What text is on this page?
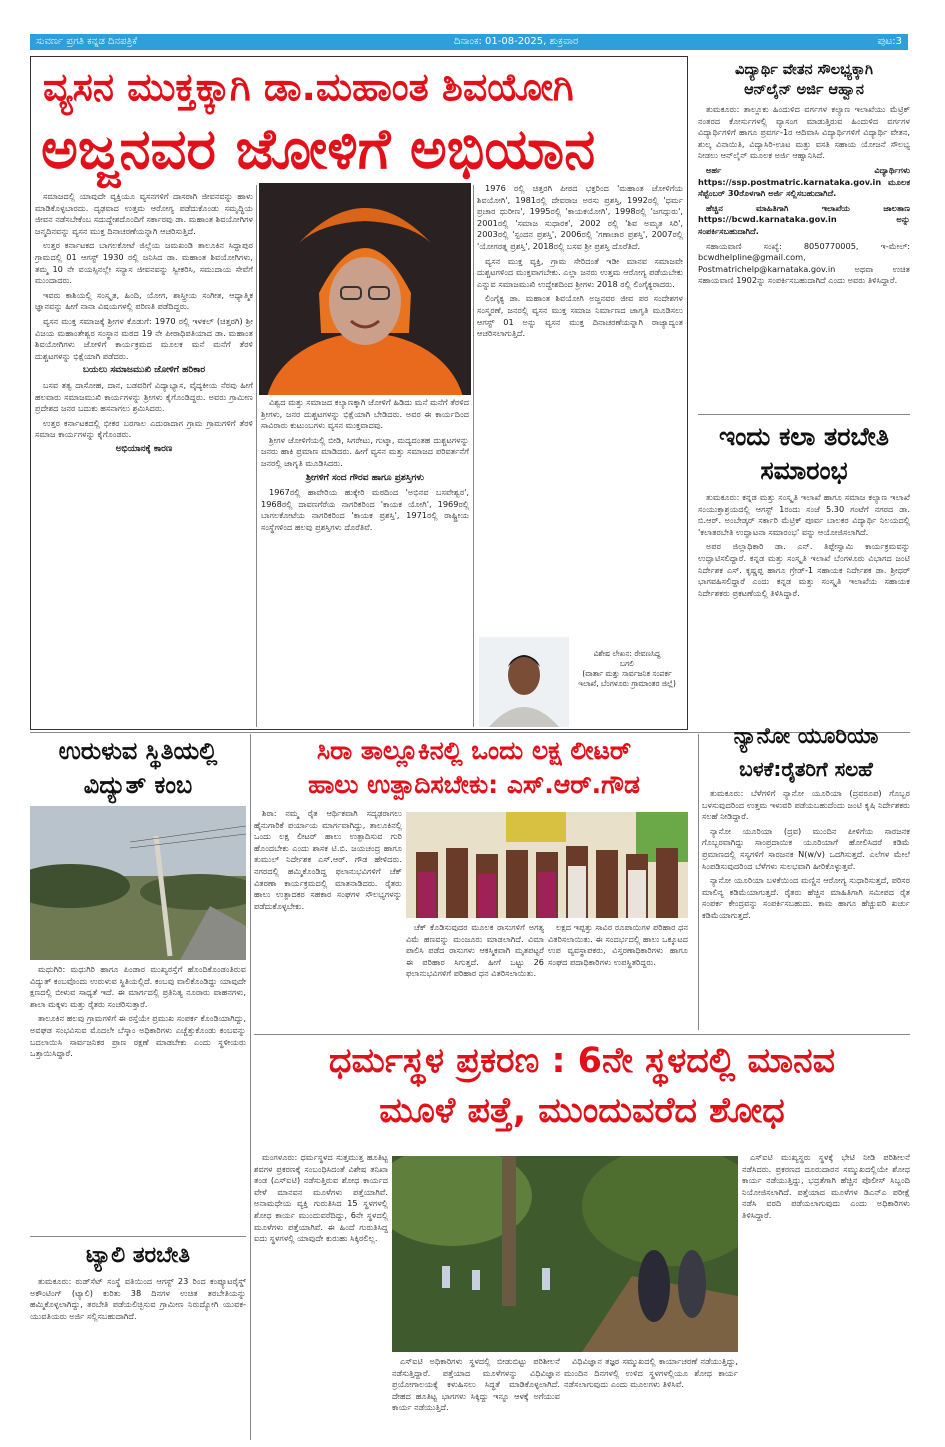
ಸುವರ್ಣ ಪ್ರಗತಿ ಕನ್ನಡ ದಿನಪತ್ರಿಕೆ	ದಿನಾಂಕ: 01-08-2025, ಶುಕ್ರವಾರ	ಪುಟ:3
ವ್ಯಸನ ಮುಕ್ತಕ್ಕಾಗಿ ಡಾ.ಮಹಾಂತ ಶಿವಯೋಗಿ
ಅಜ್ಜನವರ ಜೋಳಿಗೆ ಅಭಿಯಾನ

ಸಮಾಜದಲ್ಲಿ ಯಾವುದೇ ವ್ಯಕ್ತಿಯೂ ವ್ಯಸನಗಳಿಗೆ ದಾಸರಾಗಿ ಜೀವನವನ್ನು ಹಾಳು ಮಾಡಿಕೊಳ್ಳಬಾರದು. ದೃಢವಾದ ಉತ್ತಮ ಆರೋಗ್ಯ ಪಡೆದುಕೊಂಡು ಸಮೃದ್ಧಿಯ ಜೀವನ ನಡೆಸಬೇಕೆಂಬ ಸದುದ್ದೇಶದೊಂದಿಗೆ ಸರ್ಕಾರವು ಡಾ. ಮಹಾಂತ ಶಿವಯೋಗಿಗಳ ಜನ್ಮದಿನವನ್ನು ವ್ಯಸನ ಮುಕ್ತ ದಿನಾಚರಣೆಯನ್ನಾಗಿ ಆಚರಿಸುತ್ತಿದೆ.

ಉತ್ತರ ಕರ್ನಾಟಕದ ಬಾಗಲಕೋಟೆ ಜಿಲ್ಲೆಯ ಜಮಖಂಡಿ ತಾಲೂಕಿನ ಸಿದ್ದಾಪುರ ಗ್ರಾಮದಲ್ಲಿ 01 ಆಗಸ್ಟ್ 1930 ರಲ್ಲಿ ಜನಿಸಿದ ಡಾ. ಮಹಾಂತ ಶಿವಯೋಗಿಗಳು, ತಮ್ಮ 10 ನೇ ವಯಸ್ಸಿನಲ್ಲೇ ಸನ್ಯಾಸ ಜೀವನವನ್ನು ಸ್ವೀಕರಿಸಿ, ಸಮುದಾಯ ಸೇವೆಗೆ ಮುಂದಾದರು.

ಇವರು ಕಾಶಿಯಲ್ಲಿ ಸಂಸ್ಕೃತ, ಹಿಂದಿ, ಯೋಗ, ಶಾಸ್ತ್ರೀಯ ಸಂಗೀತ, ಆಧ್ಯಾತ್ಮಿಕ ಜ್ಞಾನವನ್ನು ಹೀಗೆ ನಾನಾ ವಿಷಯಗಳಲ್ಲಿ ಪರಿಣತಿ ಪಡೆದಿದ್ದರು.

ವ್ಯಸನ ಮುಕ್ತ ಸಮಾಜಕ್ಕೆ ಶ್ರೀಗಳ ಕೊಡುಗೆ: 1970 ರಲ್ಲಿ ಇಳಕಲ್ (ಚಿತ್ತರಗಿ) ಶ್ರೀ ವಿಜಯ ಮಹಾಂತೇಶ್ವರ ಸಂಸ್ಥಾನ ಮಠದ 19 ನೇ ಪೀಠಾಧಿಪತಿಯಾದ ಡಾ. ಮಹಾಂತ ಶಿವಯೋಗಿಗಳು ಜೋಳಿಗೆ ಕಾರ್ಯಕ್ರಮದ ಮೂಲಕ ಮನೆ ಮನೆಗೆ ತೆರಳಿ ದುಶ್ಚಟಗಳನ್ನು ಭಿಕ್ಷೆಯಾಗಿ ಪಡೆದರು.

ಬಯಲು ಸಮಾಜಮುಖಿ ಜೋಳಿಗೆ ಹರಿಕಾರ

ಬಸವ ತತ್ವ ದಾಸೋಹ, ದಾನ, ಬಡವರಿಗೆ ವಿದ್ಯಾಭ್ಯಾಸ, ವೈದ್ಯಕೀಯ ನೆರವು ಹೀಗೆ ಹಲವಾರು ಸಮಾಜಮುಖಿ ಕಾರ್ಯಗಳನ್ನು ಶ್ರೀಗಳು ಕೈಗೊಂಡಿದ್ದರು. ಅವರು ಗ್ರಾಮೀಣ ಪ್ರದೇಶದ ಜನರ ಬದುಕು ಹಸನಾಗಲು ಶ್ರಮಿಸಿದರು.

ಉತ್ತರ ಕರ್ನಾಟಕದಲ್ಲಿ ಭೀಕರ ಬರಗಾಲ ಎದುರಾದಾಗ ಗ್ರಾಮ ಗ್ರಾಮಗಳಿಗೆ ತೆರಳಿ ಸಮಾಜ ಕಾರ್ಯಗಳನ್ನು ಕೈಗೊಂಡರು.

ಅಭಿಯಾನಕ್ಕೆ ಕಾರಣ

ವಿಶ್ವದ ಮತ್ತು ಸಮಾಜದ ಕಲ್ಯಾಣಕ್ಕಾಗಿ ಜೋಳಿಗೆ ಹಿಡಿದು ಮನೆ ಮನೆಗೆ ತೆರಳಿದ ಶ್ರೀಗಳು, ಜನರ ದುಶ್ಚಟಗಳನ್ನು ಭಿಕ್ಷೆಯಾಗಿ ಬೇಡಿದರು. ಅವರ ಈ ಕಾರ್ಯದಿಂದ ಸಾವಿರಾರು ಕುಟುಂಬಗಳು ವ್ಯಸನ ಮುಕ್ತವಾದವು.

ಶ್ರೀಗಳ ಜೋಳಿಗೆಯಲ್ಲಿ ಬೀಡಿ, ಸಿಗರೇಟು, ಗುಟ್ಕಾ, ಮದ್ಯದಂತಹ ದುಶ್ಚಟಗಳನ್ನು ಜನರು ಹಾಕಿ ಪ್ರಮಾಣ ಮಾಡಿದರು. ಹೀಗೆ ವ್ಯಸನ ಮತ್ತು ಸಮಾಜದ ಪರಿವರ್ತನೆಗೆ ಜನರಲ್ಲಿ ಜಾಗೃತಿ ಮೂಡಿಸಿದರು.

ಶ್ರೀಗಳಿಗೆ ಸಂದ ಗೌರವ ಹಾಗೂ ಪ್ರಶಸ್ತಿಗಳು

1967ರಲ್ಲಿ ಹಾವೇರಿಯ ಹುಕ್ಕೇರಿ ಮಠದಿಂದ 'ಅಭಿನವ ಬಸವೇಶ್ವರ', 1968ರಲ್ಲಿ ದಾವಣಗೆರೆಯ ನಾಗರಿಕರಿಂದ 'ಕಾಯಕ ಯೋಗಿ', 1969ರಲ್ಲಿ ಬಾಗಲಕೋಟೆಯ ನಾಗರಿಕರಿಂದ 'ಕಾಯಕ ಪ್ರಶಸ್ತಿ', 1971ರಲ್ಲಿ ರಾಷ್ಟ್ರೀಯ ಸಂಸ್ಥೆಗಳಿಂದ ಹಲವು ಪ್ರಶಸ್ತಿಗಳು ದೊರೆತಿವೆ.

1976 ರಲ್ಲಿ ಚಿತ್ತರಗಿ ಪೀಠದ ಭಕ್ತರಿಂದ 'ಮಹಾಂತ ಜೋಳಿಗೆಯ ಶಿವಯೋಗಿ', 1981ರಲ್ಲಿ ದೇವರಾಜ ಅರಸು ಪ್ರಶಸ್ತಿ, 1992ರಲ್ಲಿ 'ಧರ್ಮ ಪ್ರಚಾರ ಧುರೀಣ', 1995ರಲ್ಲಿ 'ಕಾಯಕಯೋಗಿ', 1998ರಲ್ಲಿ 'ಜಗದ್ಗುರು', 2001ರಲ್ಲಿ 'ಸಮಾಜ ಸುಧಾರಕ', 2002 ರಲ್ಲಿ 'ಶಿವ ಅಮೃತ ಸಿರಿ', 2003ರಲ್ಲಿ 'ಸ್ಪಂದನ ಪ್ರಶಸ್ತಿ', 2006ರಲ್ಲಿ 'ಗಣಾಚಾರ ಪ್ರಶಸ್ತಿ', 2007ರಲ್ಲಿ 'ಯೋಗರತ್ನ ಪ್ರಶಸ್ತಿ', 2018ರಲ್ಲಿ ಬಸವ ಶ್ರೀ ಪ್ರಶಸ್ತಿ ದೊರೆತಿದೆ.

ವ್ಯಸನ ಮುಕ್ತ ವ್ಯಕ್ತಿ, ಗ್ರಾಮ ಸೇರಿದಂತೆ ಇಡೀ ಮಾನವ ಸಮಾಜವೇ ದುಶ್ಚಟಗಳಿಂದ ಮುಕ್ತವಾಗಬೇಕು. ಎಲ್ಲಾ ಜನರು ಉತ್ತಮ ಆರೋಗ್ಯ ಪಡೆಯಬೇಕು ಎನ್ನುವ ಸಮಾಜಮುಖಿ ಉದ್ದೇಶದಿಂದ ಶ್ರೀಗಳು 2018 ರಲ್ಲಿ ಲಿಂಗೈಕ್ಯರಾದರು.

ಲಿಂಗೈಕ್ಯ ಡಾ. ಮಹಾಂತ ಶಿವಯೋಗಿ ಅಜ್ಜನವರ ಜೀವ ಪರ ಸಂದೇಶಗಳ ಸಂಸ್ಮರಣೆ, ಜನರಲ್ಲಿ ವ್ಯಸನ ಮುಕ್ತ ಸಮಾಜ ನಿರ್ಮಾಣದ ಜಾಗೃತಿ ಮೂಡಿಸಲು ಆಗಸ್ಟ್ 01 ಅನ್ನು ವ್ಯಸನ ಮುಕ್ತ ದಿನಾಚರಣೆಯನ್ನಾಗಿ ರಾಜ್ಯಾದ್ಯಂತ ಆಚರಿಸಲಾಗುತ್ತಿದೆ.

ವಿಶೇಷ ಲೇಖನ: ರೇವಣಸಿದ್ದ
ಬಗಲಿ
(ವಾರ್ತಾ ಮತ್ತು ಸಾರ್ವಜನಿಕ ಸಂಪರ್ಕ ಇಲಾಖೆ, ಬೆಂಗಳೂರು ಗ್ರಾಮಾಂತರ ಜಿಲ್ಲೆ)
ವಿದ್ಯಾರ್ಥಿ ವೇತನ ಸೌಲಭ್ಯಕ್ಕಾಗಿ
ಆನ್‌ಲೈನ್ ಅರ್ಜಿ ಆಹ್ವಾನ

ತುಮಕೂರು: ತಾಲ್ಲೂಕು ಹಿಂದುಳಿದ ವರ್ಗಗಳ ಕಲ್ಯಾಣ ಇಲಾಖೆಯು ಮೆಟ್ರಿಕ್ ನಂತರದ ಕೋರ್ಸುಗಳಲ್ಲಿ ವ್ಯಾಸಂಗ ಮಾಡುತ್ತಿರುವ ಹಿಂದುಳಿದ ವರ್ಗಗಳ ವಿದ್ಯಾರ್ಥಿಗಳಿಗೆ ಹಾಗೂ ಪ್ರವರ್ಗ-1ರ ಆದಿವಾಸಿ ವಿದ್ಯಾರ್ಥಿಗಳಿಗೆ ವಿದ್ಯಾರ್ಥಿ ವೇತನ, ಶುಲ್ಕ ವಿನಾಯಿತಿ, ವಿದ್ಯಾಸಿರಿ-ಊಟ ಮತ್ತು ವಸತಿ ಸಹಾಯ ಯೋಜನೆ ಸೌಲಭ್ಯ ನೀಡಲು ಆನ್‌ಲೈನ್ ಮೂಲಕ ಅರ್ಜಿ ಆಹ್ವಾನಿಸಿದೆ.

ಅರ್ಹ ವಿದ್ಯಾರ್ಥಿಗಳು https://ssp.postmatric.karnataka.gov.in ಮೂಲಕ ಸೆಪ್ಟೆಂಬರ್ 30ರೊಳಗಾಗಿ ಅರ್ಜಿ ಸಲ್ಲಿಸಬಹುದಾಗಿದೆ.

ಹೆಚ್ಚಿನ ಮಾಹಿತಿಗಾಗಿ ಇಲಾಖೆಯ ಜಾಲತಾಣ https://bcwd.karnataka.gov.in ಅನ್ನು ಸಂಪರ್ಕಿಸಬಹುದಾಗಿದೆ.

ಸಹಾಯವಾಣಿ ಸಂಖ್ಯೆ: 8050770005, ಇ-ಮೇಲ್: bcwdhelpline@gmail.com, Postmatrichelp@karnataka.gov.in ಅಥವಾ ಉಚಿತ ಸಹಾಯವಾಣಿ 1902ನ್ನು ಸಂಪರ್ಕಿಸಬಹುದಾಗಿದೆ ಎಂದು ಅವರು ತಿಳಿಸಿದ್ದಾರೆ.

ಇಂದು ಕಲಾ ತರಬೇತಿ
ಸಮಾರಂಭ

ತುಮಕೂರು: ಕನ್ನಡ ಮತ್ತು ಸಂಸ್ಕೃತಿ ಇಲಾಖೆ ಹಾಗೂ ಸಮಾಜ ಕಲ್ಯಾಣ ಇಲಾಖೆ ಸಂಯುಕ್ತಾಶ್ರಯದಲ್ಲಿ ಆಗಸ್ಟ್ 1ರಂದು ಸಂಜೆ 5.30 ಗಂಟೆಗೆ ನಗರದ ಡಾ. ಬಿ.ಆರ್. ಅಂಬೇಡ್ಕರ್ ಸರ್ಕಾರಿ ಮೆಟ್ರಿಕ್ ಪೂರ್ವ ಬಾಲಕರ ವಿದ್ಯಾರ್ಥಿ ನಿಲಯದಲ್ಲಿ 'ಕಲಾತರಬೇತಿ ಉದ್ಘಾಟನಾ ಸಮಾರಂಭ' ವನ್ನು ಆಯೋಜಿಸಲಾಗಿದೆ.

ಅಪರ ಜಿಲ್ಲಾಧಿಕಾರಿ ಡಾ. ಎನ್. ತಿಪ್ಪೇಸ್ವಾಮಿ ಕಾರ್ಯಕ್ರಮವನ್ನು ಉದ್ಘಾಟಿಸಲಿದ್ದಾರೆ. ಕನ್ನಡ ಮತ್ತು ಸಂಸ್ಕೃತಿ ಇಲಾಖೆ ಬೆಂಗಳೂರು ವಿಭಾಗದ ಜಂಟಿ ನಿರ್ದೇಶಕ ಎಸ್. ಕೃಷ್ಣಪ್ಪ ಹಾಗೂ ಗ್ರೇಡ್-1 ಸಹಾಯಕ ನಿರ್ದೇಶಕ ಡಾ. ಶ್ರೀಧರ್ ಭಾಗವಹಿಸಲಿದ್ದಾರೆ ಎಂದು ಕನ್ನಡ ಮತ್ತು ಸಂಸ್ಕೃತಿ ಇಲಾಖೆಯ ಸಹಾಯಕ ನಿರ್ದೇಶಕರು ಪ್ರಕಟಣೆಯಲ್ಲಿ ತಿಳಿಸಿದ್ದಾರೆ.

ಉರುಳುವ ಸ್ಥಿತಿಯಲ್ಲಿ
ವಿದ್ಯುತ್ ಕಂಬ

ಮಧುಗಿರಿ: ಮಧುಗಿರಿ ಹಾಗೂ ಪಿಂಡಾರ ಮುಖ್ಯರಸ್ತೆಗೆ ಹೊಂದಿಕೊಂಡಂತಿರುವ ವಿದ್ಯುತ್ ಕಂಬವೊಂದು ಉರುಳುವ ಸ್ಥಿತಿಯಲ್ಲಿದೆ. ಕಂಬವು ವಾಲಿಕೊಂಡಿದ್ದು ಯಾವುದೇ ಕ್ಷಣದಲ್ಲಿ ಬೀಳುವ ಸಾಧ್ಯತೆ ಇದೆ. ಈ ಮಾರ್ಗದಲ್ಲಿ ಪ್ರತಿನಿತ್ಯ ನೂರಾರು ವಾಹನಗಳು, ಶಾಲಾ ಮಕ್ಕಳು ಮತ್ತು ರೈತರು ಸಂಚರಿಸುತ್ತಾರೆ.

ತಾಲೂಕಿನ ಹಲವು ಗ್ರಾಮಗಳಿಗೆ ಈ ರಸ್ತೆಯೇ ಪ್ರಮುಖ ಸಂಪರ್ಕ ಕೊಂಡಿಯಾಗಿದ್ದು, ಅವಘಡ ಸಂಭವಿಸುವ ಮೊದಲೇ ಬೆಸ್ಕಾಂ ಅಧಿಕಾರಿಗಳು ಎಚ್ಚೆತ್ತುಕೊಂಡು ಕಂಬವನ್ನು ಬದಲಾಯಿಸಿ ಸಾರ್ವಜನಿಕರ ಪ್ರಾಣ ರಕ್ಷಣೆ ಮಾಡಬೇಕು ಎಂದು ಸ್ಥಳೀಯರು ಒತ್ತಾಯಿಸಿದ್ದಾರೆ.

ಟ್ಯಾಲಿ ತರಬೇತಿ

ತುಮಕೂರು: ರುಡ್‌ಸೆಟ್ ಸಂಸ್ಥೆ ವತಿಯಿಂದ ಆಗಸ್ಟ್ 23 ರಿಂದ ಕಂಪ್ಯೂಟರೈಸ್ಡ್ ಅಕೌಂಟಿಂಗ್ (ಟ್ಯಾಲಿ) ಕುರಿತು 38 ದಿನಗಳ ಉಚಿತ ತರಬೇತಿಯನ್ನು ಹಮ್ಮಿಕೊಳ್ಳಲಾಗಿದ್ದು, ತರಬೇತಿ ಪಡೆಯಲಿಚ್ಛಿಸುವ ಗ್ರಾಮೀಣ ನಿರುದ್ಯೋಗಿ ಯುವಕ-ಯುವತಿಯರು ಅರ್ಜಿ ಸಲ್ಲಿಸಬಹುದಾಗಿದೆ.

ಸಿರಾ ತಾಲ್ಲೂಕಿನಲ್ಲಿ ಒಂದು ಲಕ್ಷ ಲೀಟರ್
ಹಾಲು ಉತ್ಪಾದಿಸಬೇಕು: ಎಸ್.ಆರ್.ಗೌಡ

ಶಿರಾ: ನಮ್ಮ ರೈತ ಆರ್ಥಿಕವಾಗಿ ಸದೃಢರಾಗಲು ಹೈನುಗಾರಿಕೆ ಪರ್ಯಾಯ ಮಾರ್ಗವಾಗಿದ್ದು, ತಾಲೂಕಿನಲ್ಲಿ ಒಂದು ಲಕ್ಷ ಲೀಟರ್ ಹಾಲು ಉತ್ಪಾದಿಸುವ ಗುರಿ ಹೊಂದಬೇಕು ಎಂದು ಶಾಸಕ ಟಿ.ಬಿ. ಜಯಚಂದ್ರ ಹಾಗೂ ತುಮುಲ್ ನಿರ್ದೇಶಕ ಎಸ್.ಆರ್. ಗೌಡ ಹೇಳಿದರು. ನಗರದಲ್ಲಿ ಹಮ್ಮಿಕೊಂಡಿದ್ದ ಫಲಾನುಭವಿಗಳಿಗೆ ಚೆಕ್ ವಿತರಣಾ ಕಾರ್ಯಕ್ರಮದಲ್ಲಿ ಮಾತನಾಡಿದರು. ರೈತರು ಹಾಲು ಉತ್ಪಾದಕರ ಸಹಕಾರ ಸಂಘಗಳ ಸೌಲಭ್ಯಗಳನ್ನು ಪಡೆದುಕೊಳ್ಳಬೇಕು.

ಚೆಕ್ ಕೊಡಿಸುವುದರ ಮೂಲಕ ರಾಸುಗಳಿಗೆ ಅಗತ್ಯ ವಿಮೆ ಹಣವನ್ನು ಮಂಜೂರು ಮಾಡಲಾಗಿದೆ. ವಿಮಾ ಪಾಲಿಸಿ ಪಡೆದ ರಾಸುಗಳು ಆಕಸ್ಮಿಕವಾಗಿ ಮೃತಪಟ್ಟರೆ ಈ ಪರಿಹಾರ ಸಿಗುತ್ತದೆ. ಹೀಗೆ ಒಟ್ಟು 26 ಫಲಾನುಭವಿಗಳಿಗೆ ಪರಿಹಾರ ಧನ ವಿತರಿಸಲಾಯಿತು.

ಲಕ್ಷದ ಇಪ್ಪತ್ತು ಸಾವಿರ ರೂಪಾಯಿಗಳ ಪರಿಹಾರ ಧನ ವಿತರಿಸಲಾಯಿತು. ಈ ಸಂದರ್ಭದಲ್ಲಿ ಹಾಲು ಒಕ್ಕೂಟದ ಉಪ ವ್ಯವಸ್ಥಾಪಕರು, ವಿಸ್ತರಣಾಧಿಕಾರಿಗಳು ಹಾಗೂ ಸಂಘದ ಪದಾಧಿಕಾರಿಗಳು ಉಪಸ್ಥಿತರಿದ್ದರು.

ನ್ಯಾನೋ ಯೂರಿಯಾ
ಬಳಕೆ:ರೈತರಿಗೆ ಸಲಹೆ

ತುಮಕೂರು: ಬೆಳೆಗಳಿಗೆ ನ್ಯಾನೋ ಯೂರಿಯಾ (ದ್ರವರೂಪ) ಗೊಬ್ಬರ ಬಳಸುವುದರಿಂದ ಉತ್ತಮ ಇಳುವರಿ ಪಡೆಯಬಹುದೆಂದು ಜಂಟಿ ಕೃಷಿ ನಿರ್ದೇಶಕರು ಸಲಹೆ ನೀಡಿದ್ದಾರೆ.

ನ್ಯಾನೋ ಯೂರಿಯಾ (ದ್ರವ) ಮುಂದಿನ ಪೀಳಿಗೆಯ ಸಾರಜನಕ ಗೊಬ್ಬರವಾಗಿದ್ದು ಸಾಂಪ್ರದಾಯಿಕ ಯೂರಿಯಾಗೆ ಹೋಲಿಸಿದರೆ ಕಡಿಮೆ ಪ್ರಮಾಣದಲ್ಲಿ ಸಸ್ಯಗಳಿಗೆ ಸಾರಜನಕ N(w/v) ಒದಗಿಸುತ್ತದೆ. ಎಲೆಗಳ ಮೇಲೆ ಸಿಂಪಡಿಸುವುದರಿಂದ ಬೆಳೆಗಳು ಸುಲಭವಾಗಿ ಹೀರಿಕೊಳ್ಳುತ್ತವೆ.

ನ್ಯಾನೋ ಯೂರಿಯಾ ಬಳಕೆಯಿಂದ ಮಣ್ಣಿನ ಆರೋಗ್ಯ ಸುಧಾರಿಸುತ್ತದೆ, ಪರಿಸರ ಮಾಲಿನ್ಯ ಕಡಿಮೆಯಾಗುತ್ತದೆ. ರೈತರು ಹೆಚ್ಚಿನ ಮಾಹಿತಿಗಾಗಿ ಸಮೀಪದ ರೈತ ಸಂಪರ್ಕ ಕೇಂದ್ರವನ್ನು ಸಂಪರ್ಕಿಸಬಹುದು. ಕಾಮ ಹಾಗೂ ಹೆಚ್ಚುವರಿ ಖರ್ಚು ಕಡಿಮೆಯಾಗುತ್ತದೆ.

ಧರ್ಮಸ್ಥಳ ಪ್ರಕರಣ : 6ನೇ ಸ್ಥಳದಲ್ಲಿ ಮಾನವ
ಮೂಳೆ ಪತ್ತೆ, ಮುಂದುವರೆದ ಶೋಧ

ಮಂಗಳೂರು: ಧರ್ಮಸ್ಥಳದ ಸುತ್ತಮುತ್ತ ಹೂತಿಟ್ಟ ಶವಗಳ ಪ್ರಕರಣಕ್ಕೆ ಸಂಬಂಧಿಸಿದಂತೆ ವಿಶೇಷ ತನಿಖಾ ತಂಡ (ಎಸ್‌ಐಟಿ) ನಡೆಸುತ್ತಿರುವ ಶೋಧ ಕಾರ್ಯದ ವೇಳೆ ಮಾನವನ ಮೂಳೆಗಳು ಪತ್ತೆಯಾಗಿವೆ. ಅನಾಮಧೇಯ ವ್ಯಕ್ತಿ ಗುರುತಿಸಿದ 15 ಸ್ಥಳಗಳಲ್ಲಿ ಶೋಧ ಕಾರ್ಯ ಮುಂದುವರೆದಿದ್ದು, 6ನೇ ಸ್ಥಳದಲ್ಲಿ ಮೂಳೆಗಳು ಪತ್ತೆಯಾಗಿವೆ. ಈ ಹಿಂದೆ ಗುರುತಿಸಿದ್ದ ಐದು ಸ್ಥಳಗಳಲ್ಲಿ ಯಾವುದೇ ಕುರುಹು ಸಿಕ್ಕಿರಲಿಲ್ಲ.

ಎಸ್‌ಐಟಿ ಅಧಿಕಾರಿಗಳು ಸ್ಥಳದಲ್ಲಿ ಬೀಡುಬಿಟ್ಟು ಪರಿಶೀಲನೆ ನಡೆಸುತ್ತಿದ್ದಾರೆ. ಪತ್ತೆಯಾದ ಮೂಳೆಗಳನ್ನು ವಿಧಿವಿಜ್ಞಾನ ಪ್ರಯೋಗಾಲಯಕ್ಕೆ ಕಳುಹಿಸಲು ಸಿದ್ಧತೆ ಮಾಡಿಕೊಳ್ಳಲಾಗಿದೆ. ದೇಹದ ಹೂತಿಟ್ಟ ಭಾಗಗಳು ಸಿಕ್ಕಿದ್ದು ಇನ್ನೂ ಆಳಕ್ಕೆ ಅಗೆಯುವ ಕಾರ್ಯ ನಡೆಯುತ್ತಿದೆ.

ವಿಧಿವಿಜ್ಞಾನ ತಜ್ಞರ ಸಮ್ಮುಖದಲ್ಲಿ ಕಾರ್ಯಾಚರಣೆ ನಡೆಯುತ್ತಿದ್ದು, ಮುಂದಿನ ದಿನಗಳಲ್ಲಿ ಉಳಿದ ಸ್ಥಳಗಳಲ್ಲಿಯೂ ಶೋಧ ಕಾರ್ಯ ನಡೆಸಲಾಗುವುದು ಎಂದು ಮೂಲಗಳು ತಿಳಿಸಿವೆ.

ಎಸ್‌ಐಟಿ ಮುಖ್ಯಸ್ಥರು ಸ್ಥಳಕ್ಕೆ ಭೇಟಿ ನೀಡಿ ಪರಿಶೀಲನೆ ನಡೆಸಿದರು. ಪ್ರಕರಣದ ದೂರುದಾರನ ಸಮ್ಮುಖದಲ್ಲಿಯೇ ಶೋಧ ಕಾರ್ಯ ನಡೆಯುತ್ತಿದ್ದು, ಭದ್ರತೆಗಾಗಿ ಹೆಚ್ಚಿನ ಪೊಲೀಸ್ ಸಿಬ್ಬಂದಿ ನಿಯೋಜಿಸಲಾಗಿದೆ. ಪತ್ತೆಯಾದ ಮೂಳೆಗಳ ಡಿಎನ್‌ಎ ಪರೀಕ್ಷೆ ನಡೆಸಿ ವರದಿ ಪಡೆಯಲಾಗುವುದು ಎಂದು ಅಧಿಕಾರಿಗಳು ತಿಳಿಸಿದ್ದಾರೆ.
